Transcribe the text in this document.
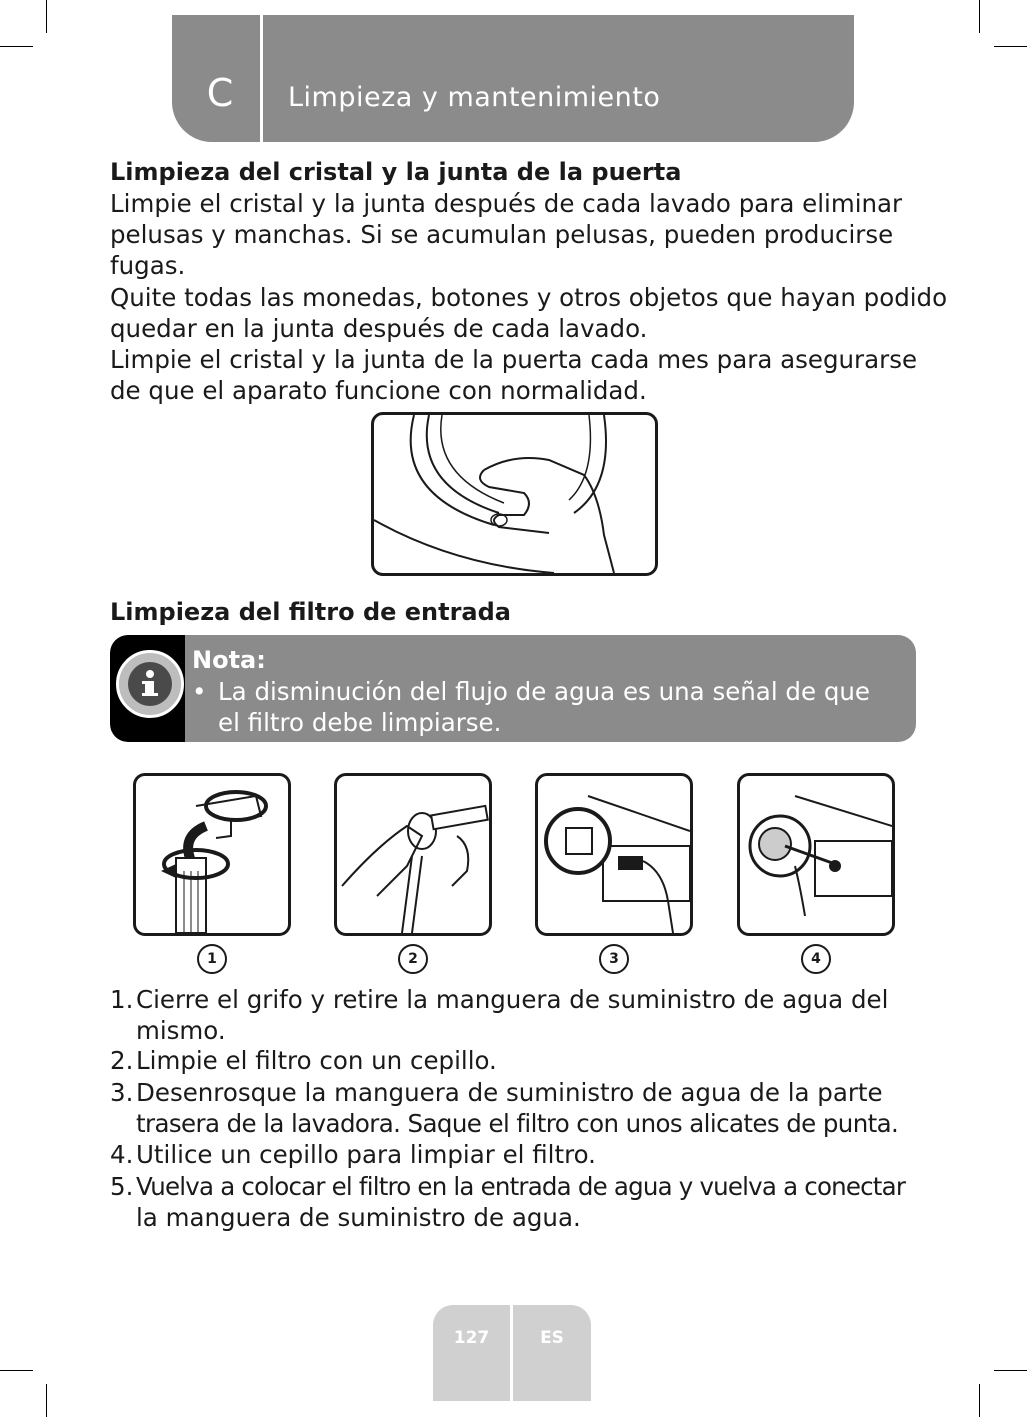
C Limpieza y mantenimiento
Limpieza del cristal y la junta de la puerta
Limpie el cristal y la junta después de cada lavado para eliminar
pelusas y manchas. Si se acumulan pelusas, pueden producirse
fugas.
Quite todas las monedas, botones y otros objetos que hayan podido
quedar en la junta después de cada lavado.
Limpie el cristal y la junta de la puerta cada mes para asegurarse
de que el aparato funcione con normalidad.
Limpieza del filtro de entrada
Nota:
• La disminución del flujo de agua es una señal de que
el filtro debe limpiarse.
1	2	3	4
1. Cierre el grifo y retire la manguera de suministro de agua del
mismo.
2. Limpie el filtro con un cepillo.
3. Desenrosque la manguera de suministro de agua de la parte
trasera de la lavadora. Saque el filtro con unos alicates de punta.
4. Utilice un cepillo para limpiar el filtro.
5. Vuelva a colocar el filtro en la entrada de agua y vuelva a conectar
la manguera de suministro de agua.
127	ES
